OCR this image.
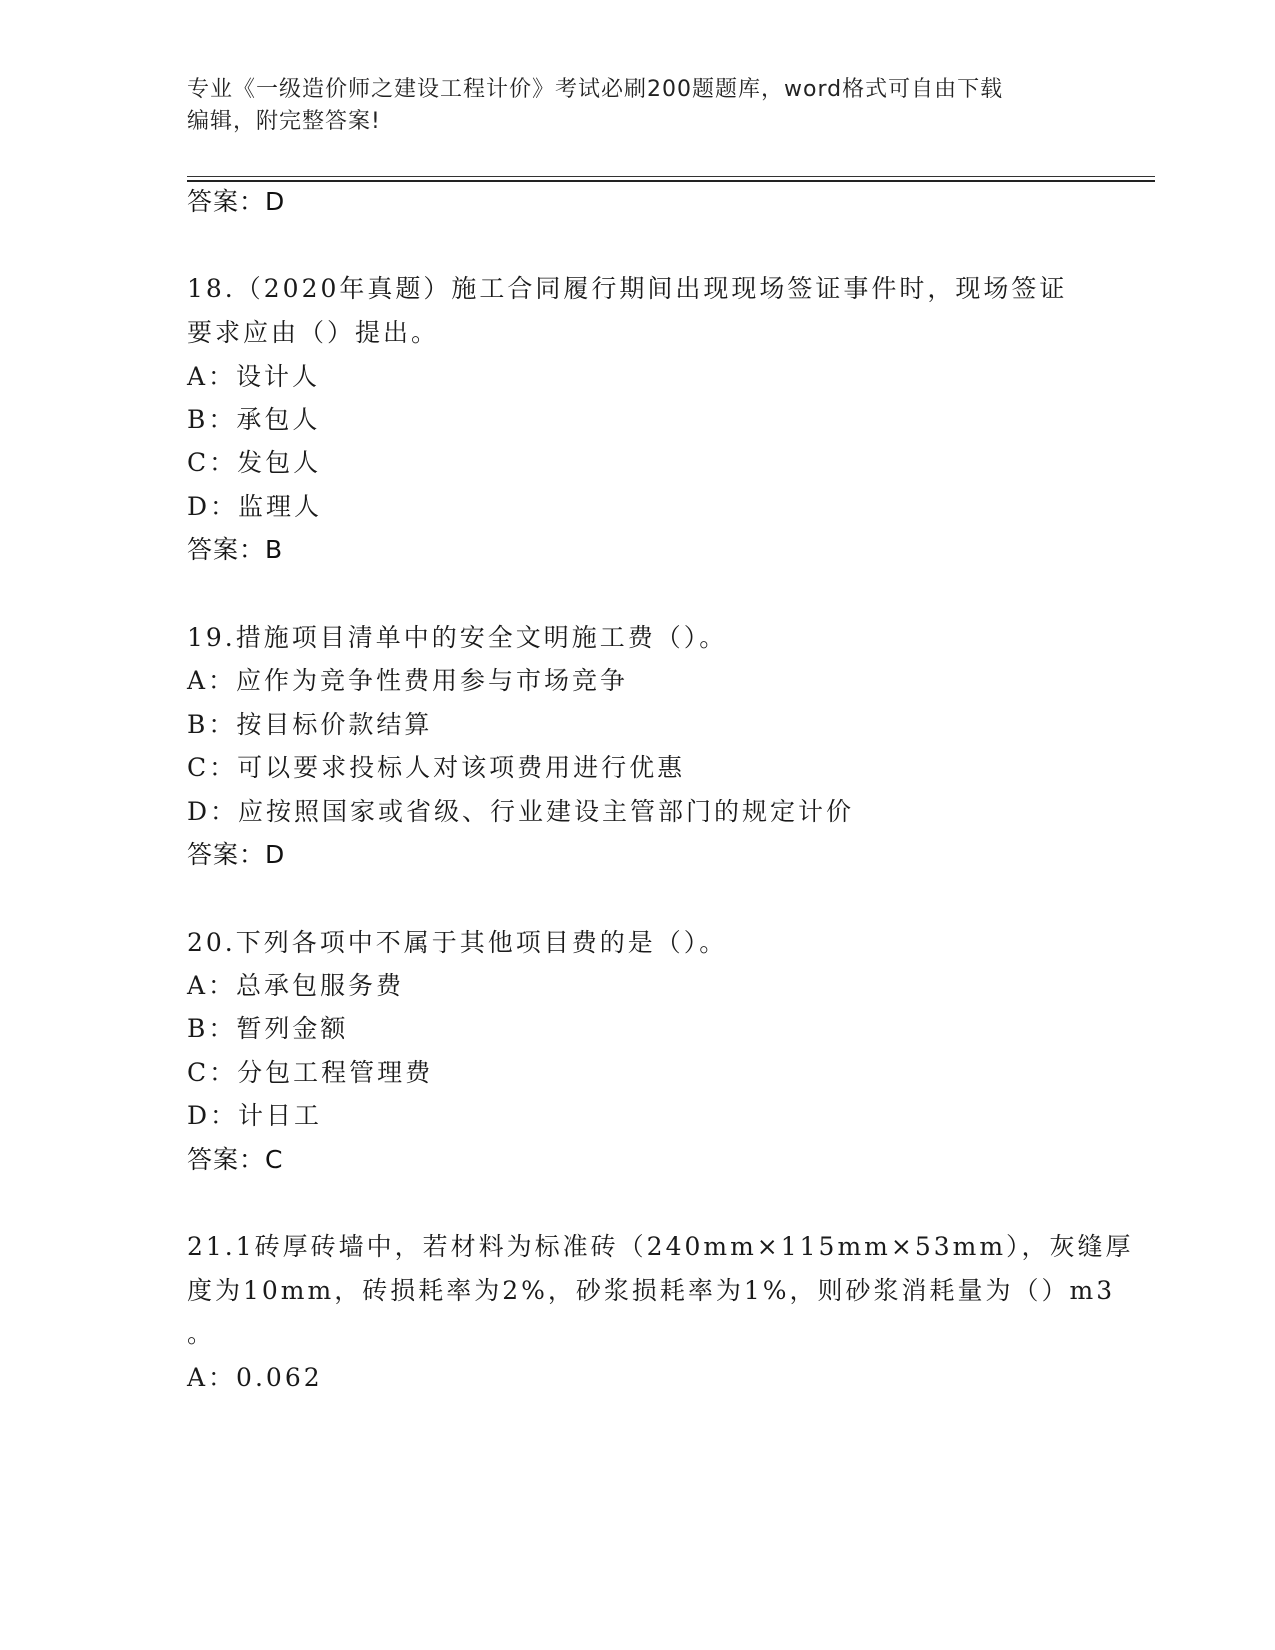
专业《一级造价师之建设工程计价》考试必刷200题题库，word格式可自由下载
编辑，附完整答案!
答案：D
18.（2020年真题）施工合同履行期间出现现场签证事件时，现场签证
要求应由（）提出。
A：设计人
B：承包人
C：发包人
D：监理人
答案：B
19.措施项目清单中的安全文明施工费（）。
A：应作为竞争性费用参与市场竞争
B：按目标价款结算
C：可以要求投标人对该项费用进行优惠
D：应按照国家或省级、行业建设主管部门的规定计价
答案：D
20.下列各项中不属于其他项目费的是（）。
A：总承包服务费
B：暂列金额
C：分包工程管理费
D：计日工
答案：C
21.1砖厚砖墙中，若材料为标准砖（240mm×115mm×53mm），灰缝厚
度为10mm，砖损耗率为2%，砂浆损耗率为1%，则砂浆消耗量为（）m3
。
A：0.062
